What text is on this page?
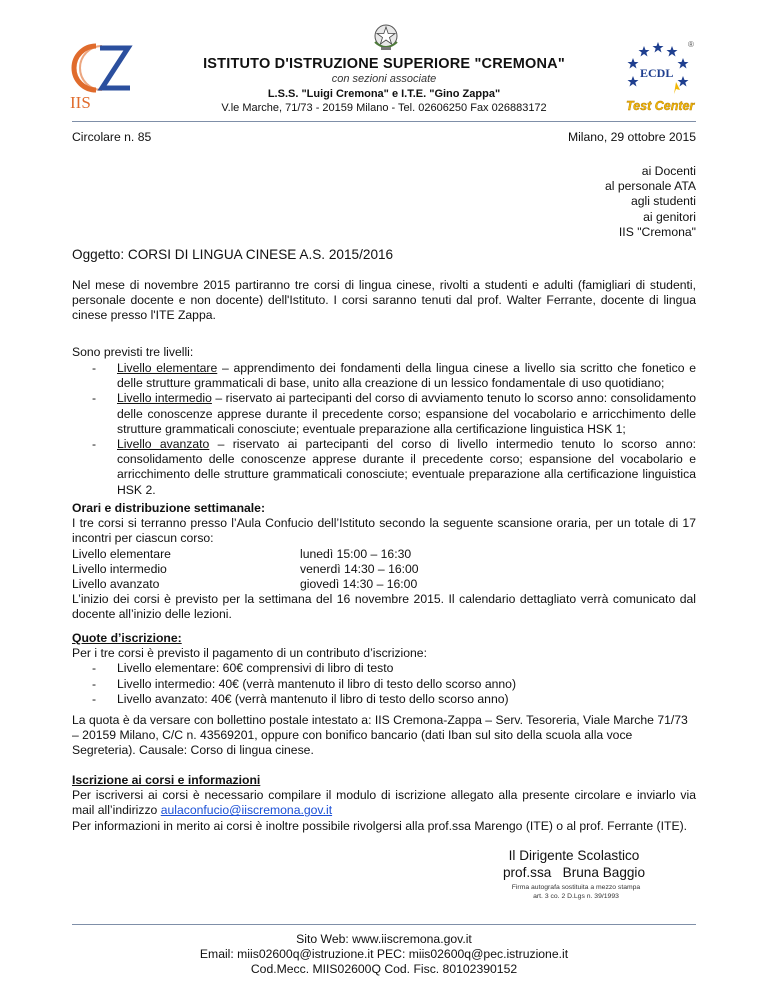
IIS
ISTITUTO D'ISTRUZIONE SUPERIORE "CREMONA"
con sezioni associate
L.S.S. "Luigi Cremona" e I.T.E. "Gino Zappa"
V.le Marche, 71/73 - 20159 Milano - Tel. 02606250 Fax 026883172
ECDL
®
Test Center
Circolare n. 85	Milano, 29 ottobre 2015
ai Docenti
al personale ATA
agli studenti
ai genitori
IIS "Cremona"
Oggetto: CORSI DI LINGUA CINESE A.S. 2015/2016

Nel mese di novembre 2015 partiranno tre corsi di lingua cinese, rivolti a studenti e adulti (famigliari di studenti, personale docente e non docente) dell'Istituto. I corsi saranno tenuti dal prof. Walter Ferrante, docente di lingua cinese presso l'ITE Zappa.

Sono previsti tre livelli:
- Livello elementare – apprendimento dei fondamenti della lingua cinese a livello sia scritto che fonetico e delle strutture grammaticali di base, unito alla creazione di un lessico fondamentale di uso quotidiano;
- Livello intermedio – riservato ai partecipanti del corso di avviamento tenuto lo scorso anno: consolidamento delle conoscenze apprese durante il precedente corso; espansione del vocabolario e arricchimento delle strutture grammaticali conosciute; eventuale preparazione alla certificazione linguistica HSK 1;
- Livello avanzato – riservato ai partecipanti del corso di livello intermedio tenuto lo scorso anno: consolidamento delle conoscenze apprese durante il precedente corso; espansione del vocabolario e arricchimento delle strutture grammaticali conosciute; eventuale preparazione alla certificazione linguistica HSK 2.
Orari e distribuzione settimanale:

I tre corsi si terranno presso l’Aula Confucio dell’Istituto secondo la seguente scansione oraria, per un totale di 17 incontri per ciascun corso:

Livello elementare	lunedì 15:00 – 16:30
Livello intermedio	venerdì 14:30 – 16:00
Livello avanzato	giovedì 14:30 – 16:00

L’inizio dei corsi è previsto per la settimana del 16 novembre 2015. Il calendario dettagliato verrà comunicato dal docente all’inizio delle lezioni.

Quote d’iscrizione:
Per i tre corsi è previsto il pagamento di un contributo d’iscrizione:
- Livello elementare: 60€ comprensivi di libro di testo
- Livello intermedio: 40€ (verrà mantenuto il libro di testo dello scorso anno)
- Livello avanzato: 40€ (verrà mantenuto il libro di testo dello scorso anno)

La quota è da versare con bollettino postale intestato a: IIS Cremona-Zappa – Serv. Tesoreria, Viale Marche 71/73 – 20159 Milano, C/C n. 43569201, oppure con bonifico bancario (dati Iban sul sito della scuola alla voce Segreteria). Causale: Corso di lingua cinese.

Iscrizione ai corsi e informazioni

Per iscriversi ai corsi è necessario compilare il modulo di iscrizione allegato alla presente circolare e inviarlo via mail all’indirizzo aulaconfucio@iiscremona.gov.it

Per informazioni in merito ai corsi è inoltre possibile rivolgersi alla prof.ssa Marengo (ITE) o al prof. Ferrante (ITE).

Il Dirigente Scolastico
prof.ssa   Bruna Baggio
Firma autografa sostituita a mezzo stampa
art. 3 co. 2 D.Lgs n. 39/1993
Sito Web: www.iiscremona.gov.it
Email: miis02600q@istruzione.it PEC: miis02600q@pec.istruzione.it
Cod.Mecc. MIIS02600Q Cod. Fisc. 80102390152
